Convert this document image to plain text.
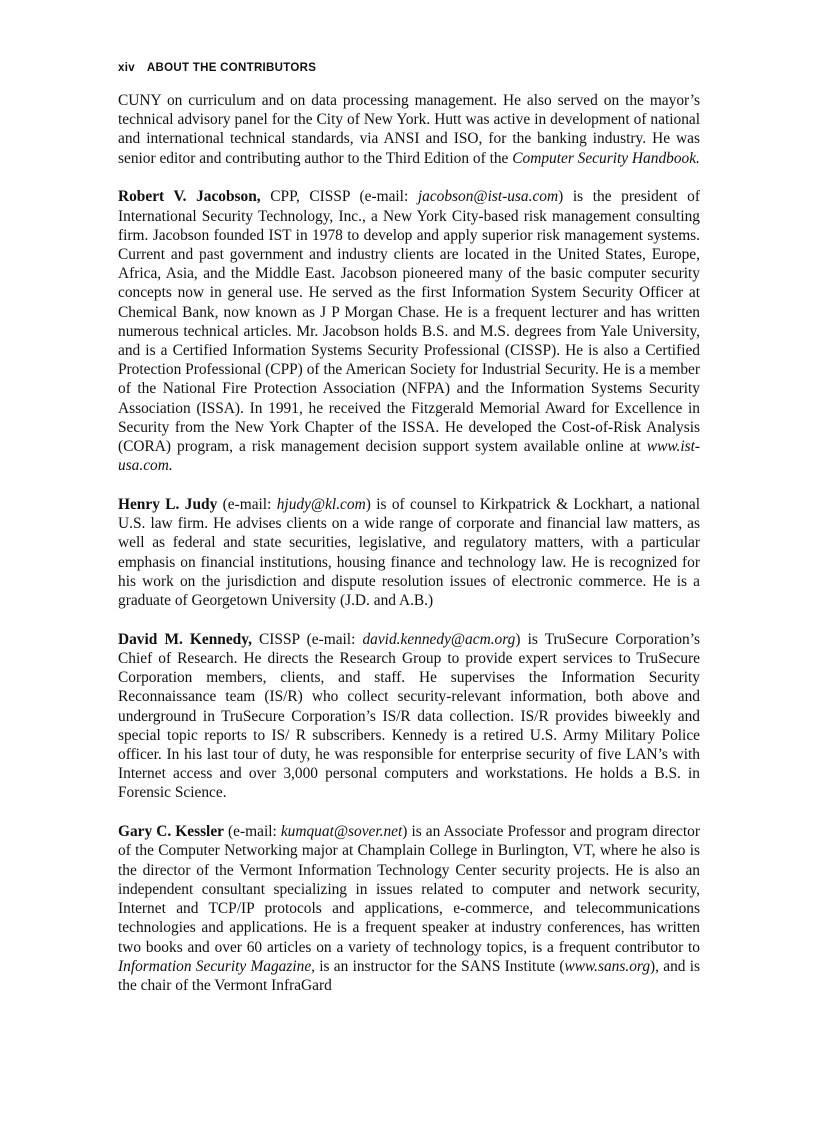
xiv ABOUT THE CONTRIBUTORS

CUNY on curriculum and on data processing management. He also served on the mayor’s technical advisory panel for the City of New York. Hutt was active in development of national and international technical standards, via ANSI and ISO, for the banking industry. He was senior editor and contributing author to the Third Edition of the Computer Security Handbook.

Robert V. Jacobson, CPP, CISSP (e-mail: jacobson@ist-usa.com) is the president of International Security Technology, Inc., a New York City-based risk management consulting firm. Jacobson founded IST in 1978 to develop and apply superior risk management systems. Current and past government and industry clients are located in the United States, Europe, Africa, Asia, and the Middle East. Jacobson pioneered many of the basic computer security concepts now in general use. He served as the first Information System Security Officer at Chemical Bank, now known as J P Morgan Chase. He is a frequent lecturer and has written numerous technical articles. Mr. Jacobson holds B.S. and M.S. degrees from Yale University, and is a Certified Information Systems Security Professional (CISSP). He is also a Certified Protection Professional (CPP) of the American Society for Industrial Security. He is a member of the National Fire Protection Association (NFPA) and the Information Systems Security Association (ISSA). In 1991, he received the Fitzgerald Memorial Award for Excellence in Security from the New York Chapter of the ISSA. He developed the Cost-of-Risk Analysis (CORA) program, a risk management decision support system available online at www.ist-usa.com.

Henry L. Judy (e-mail: hjudy@kl.com) is of counsel to Kirkpatrick & Lockhart, a national U.S. law firm. He advises clients on a wide range of corporate and financial law matters, as well as federal and state securities, legislative, and regulatory matters, with a particular emphasis on financial institutions, housing finance and technology law. He is recognized for his work on the jurisdiction and dispute resolution issues of electronic commerce. He is a graduate of Georgetown University (J.D. and A.B.)

David M. Kennedy, CISSP (e-mail: david.kennedy@acm.org) is TruSecure Corporation’s Chief of Research. He directs the Research Group to provide expert services to TruSecure Corporation members, clients, and staff. He supervises the Information Security Reconnaissance team (IS/R) who collect security-relevant information, both above and underground in TruSecure Corporation’s IS/R data collection. IS/R provides biweekly and special topic reports to IS/ R subscribers. Kennedy is a retired U.S. Army Military Police officer. In his last tour of duty, he was responsible for enterprise security of five LAN’s with Internet access and over 3,000 personal computers and workstations. He holds a B.S. in Forensic Science.

Gary C. Kessler (e-mail: kumquat@sover.net) is an Associate Professor and program director of the Computer Networking major at Champlain College in Burlington, VT, where he also is the director of the Vermont Information Technology Center security projects. He is also an independent consultant specializing in issues related to computer and network security, Internet and TCP/IP protocols and applications, e-commerce, and telecommunications technologies and applications. He is a frequent speaker at industry conferences, has written two books and over 60 articles on a variety of technology topics, is a frequent contributor to Information Security Magazine, is an instructor for the SANS Institute (www.sans.org), and is the chair of the Vermont InfraGard
